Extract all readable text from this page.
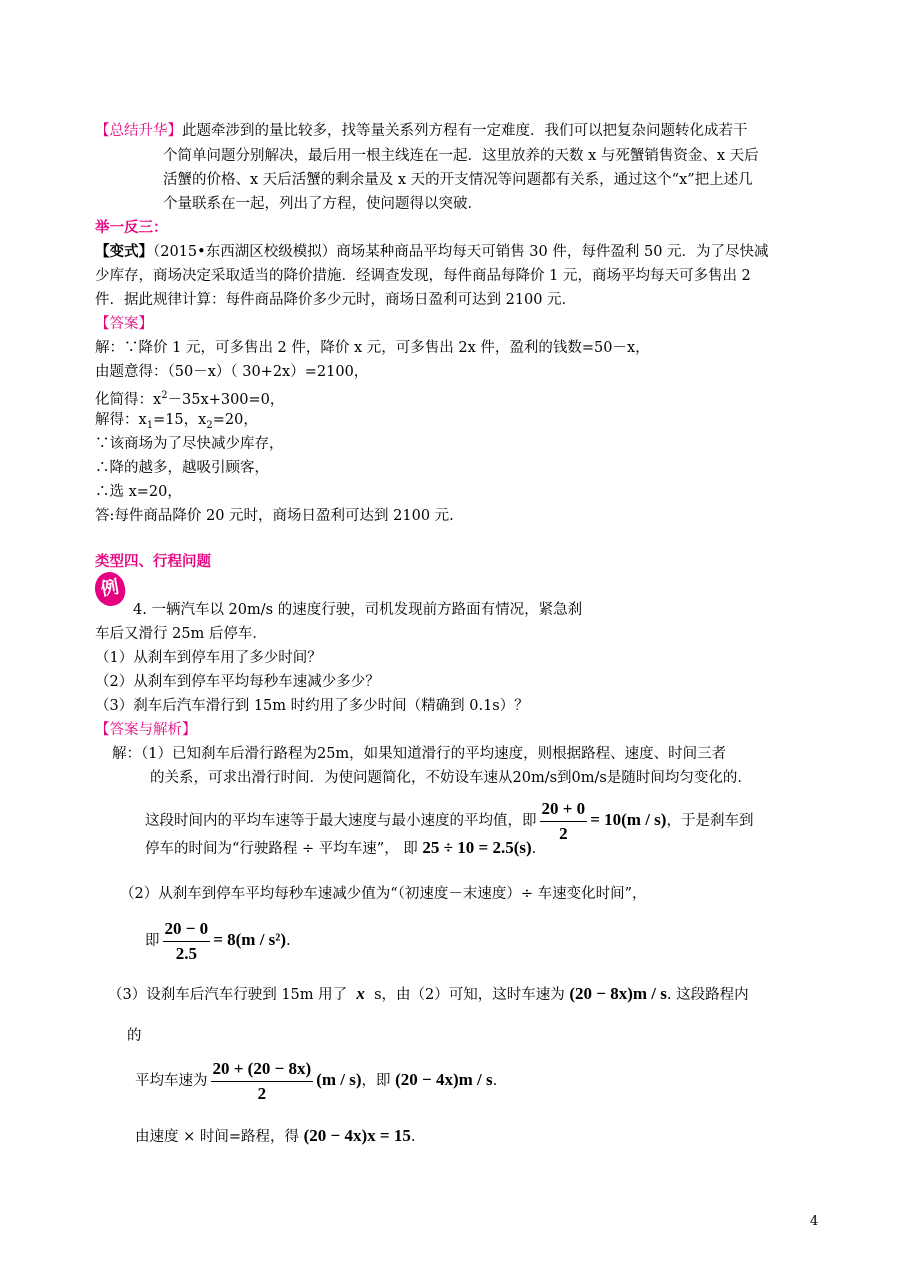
【总结升华】此题牵涉到的量比较多，找等量关系列方程有一定难度．我们可以把复杂问题转化成若干
个简单问题分别解决，最后用一根主线连在一起．这里放养的天数 x 与死蟹销售资金、x 天后
活蟹的价格、x 天后活蟹的剩余量及 x 天的开支情况等问题都有关系，通过这个“x”把上述几
个量联系在一起，列出了方程，使问题得以突破．
举一反三：
【变式】（2015•东西湖区校级模拟）商场某种商品平均每天可销售 30 件，每件盈利 50 元．为了尽快减
少库存，商场决定采取适当的降价措施．经调查发现，每件商品每降价 1 元，商场平均每天可多售出 2
件．据此规律计算：每件商品降价多少元时，商场日盈利可达到 2100 元．
【答案】
解：∵降价 1 元，可多售出 2 件，降价 x 元，可多售出 2x 件，盈利的钱数=50－x，
由题意得：（50－x）（ 30+2x）=2100，
化简得：$x^2-35x+300=0$，
解得：$x_1=15$，$x_2=20$，
∵该商场为了尽快减少库存，
∴降的越多，越吸引顾客，
∴选 x=20，
答:每件商品降价 20 元时，商场日盈利可达到 2100 元.
类型四、行程问题
例
4. 一辆汽车以 20m/s 的速度行驶，司机发现前方路面有情况，紧急刹
车后又滑行 25m 后停车．
（1）从刹车到停车用了多少时间？
（2）从刹车到停车平均每秒车速减少多少？
（3）刹车后汽车滑行到 15m 时约用了多少时间（精确到 0.1s）？
【答案与解析】
解：（1）已知刹车后滑行路程为25m，如果知道滑行的平均速度，则根据路程、速度、时间三者
的关系，可求出滑行时间．为使问题简化，不妨设车速从20m/s到0m/s是随时间均匀变化的．
这段时间内的平均车速等于最大速度与最小速度的平均值，即 $\frac{20 + 0}{2} = 10(m / s)$，于是刹车到
停车的时间为“行驶路程 ÷ 平均车速”， 即 25 ÷ 10 = 2.5(s).
（2）从刹车到停车平均每秒车速减少值为“（初速度－末速度）÷ 车速变化时间”，
即 $\frac{20 - 0}{2.5} = 8(m / s^2)$.
（3）设刹车后汽车行驶到 15m 用了 x s，由（2）可知，这时车速为 (20 − 8x)m / s. 这段路程内
的
平均车速为 $\frac{20 + (20 - 8x)}{2} (m / s)$，即 (20 − 4x)m / s.
由速度 × 时间=路程，得 (20 − 4x)x = 15.
4
